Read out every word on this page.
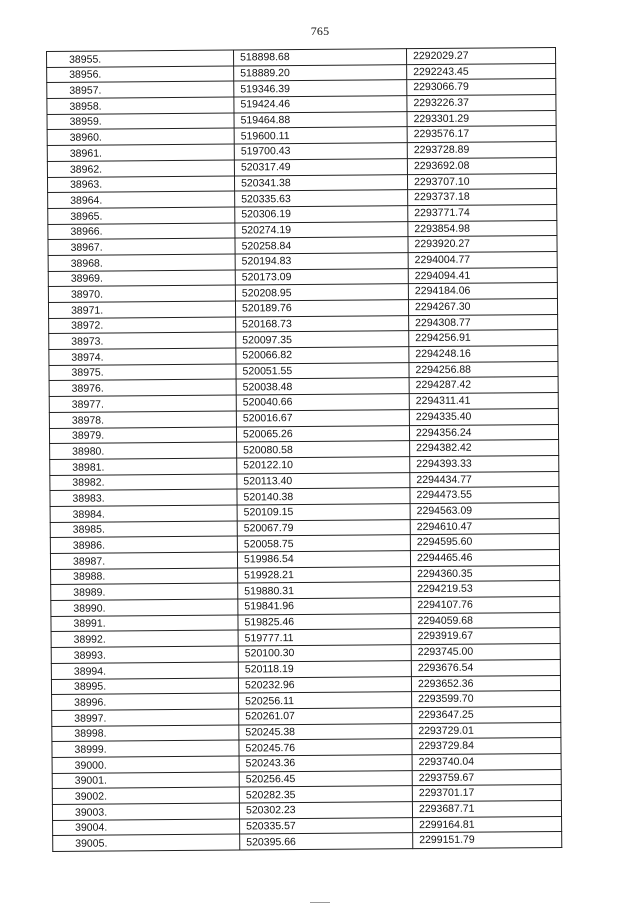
765
38955.	518898.68	2292029.27
38956.	518889.20	2292243.45
38957.	519346.39	2293066.79
38958.	519424.46	2293226.37
38959.	519464.88	2293301.29
38960.	519600.11	2293576.17
38961.	519700.43	2293728.89
38962.	520317.49	2293692.08
38963.	520341.38	2293707.10
38964.	520335.63	2293737.18
38965.	520306.19	2293771.74
38966.	520274.19	2293854.98
38967.	520258.84	2293920.27
38968.	520194.83	2294004.77
38969.	520173.09	2294094.41
38970.	520208.95	2294184.06
38971.	520189.76	2294267.30
38972.	520168.73	2294308.77
38973.	520097.35	2294256.91
38974.	520066.82	2294248.16
38975.	520051.55	2294256.88
38976.	520038.48	2294287.42
38977.	520040.66	2294311.41
38978.	520016.67	2294335.40
38979.	520065.26	2294356.24
38980.	520080.58	2294382.42
38981.	520122.10	2294393.33
38982.	520113.40	2294434.77
38983.	520140.38	2294473.55
38984.	520109.15	2294563.09
38985.	520067.79	2294610.47
38986.	520058.75	2294595.60
38987.	519986.54	2294465.46
38988.	519928.21	2294360.35
38989.	519880.31	2294219.53
38990.	519841.96	2294107.76
38991.	519825.46	2294059.68
38992.	519777.11	2293919.67
38993.	520100.30	2293745.00
38994.	520118.19	2293676.54
38995.	520232.96	2293652.36
38996.	520256.11	2293599.70
38997.	520261.07	2293647.25
38998.	520245.38	2293729.01
38999.	520245.76	2293729.84
39000.	520243.36	2293740.04
39001.	520256.45	2293759.67
39002.	520282.35	2293701.17
39003.	520302.23	2293687.71
39004.	520335.57	2299164.81
39005.	520395.66	2299151.79
